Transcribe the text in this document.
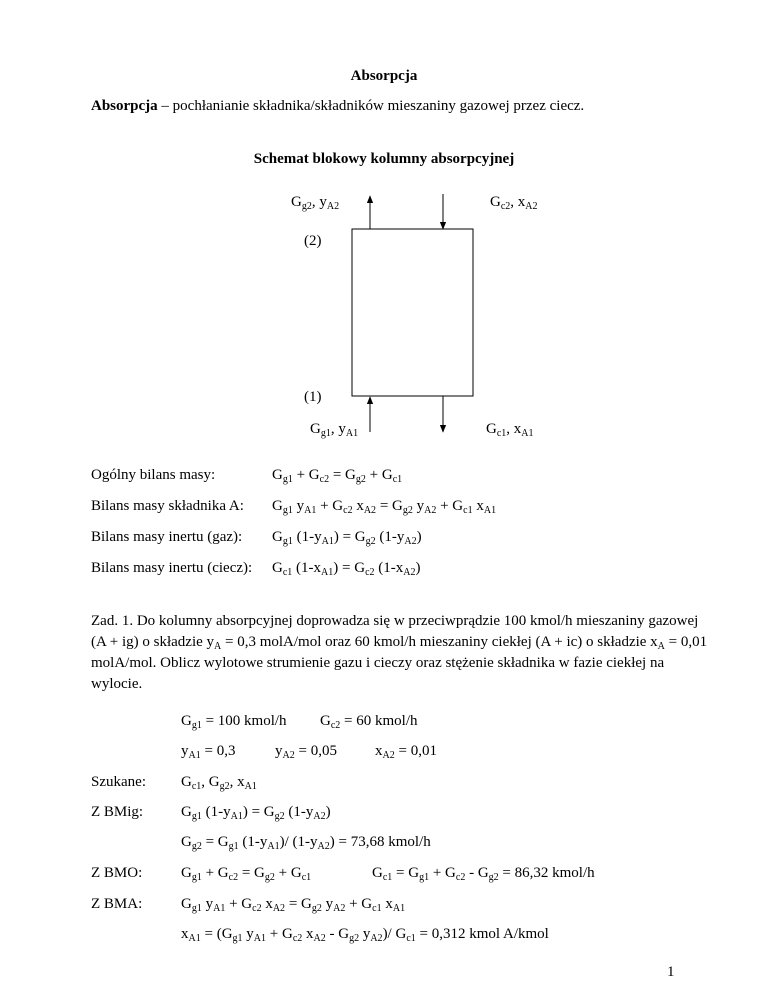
Absorpcja
Absorpcja – pochłanianie składnika/składników mieszaniny gazowej przez ciecz.
Schemat blokowy kolumny absorpcyjnej
$G_{g2}$, $y_{A2}$	$G_{c2}$, $x_{A2}$
(2)
(1)
$G_{g1}$, $y_{A1}$	$G_{c1}$, $x_{A1}$
Ogólny bilans masy:	$G_{g1} + G_{c2} = G_{g2} + G_{c1}$
Bilans masy składnika A: $G_{g1}$ $y_{A1} + G_{c2}$ $x_{A2} = G_{g2}$ $y_{A2} + G_{c1}$ $x_{A1}$
Bilans masy inertu (gaz): $G_{g1}$ $(1-y_{A1}) = G_{g2}$ $(1-y_{A2})$
Bilans masy inertu (ciecz): $G_{c1}$ $(1-x_{A1}) = G_{c2}$ $(1-x_{A2})$
Zad. 1. Do kolumny absorpcyjnej doprowadza się w przeciwprądzie 100 kmol/h mieszaniny gazowej
(A + ig) o składzie $y_A = 0,3$ molA/mol oraz 60 kmol/h mieszaniny ciekłej (A + ic) o składzie $x_A = 0,01$
molA/mol. Oblicz wylotowe strumienie gazu i cieczy oraz stężenie składnika w fazie ciekłej na
wylocie.
$G_{g1} = 100$ kmol/h $G_{c2} = 60$ kmol/h
$y_{A1} = 0,3$	$y_{A2} = 0,05$	$x_{A2} = 0,01$
Szukane: $G_{c1}$, $G_{g2}$, $x_{A1}$
Z BMig:	$G_{g1}$ $(1-y_{A1}) = G_{g2}$ $(1-y_{A2})$
$G_{g2} = G_{g1}$ $(1-y_{A1})/$ $(1-y_{A2}) = 73,68$ kmol/h
Z BMO:	$G_{g1} + G_{c2} = G_{g2} + G_{c1}$	$G_{c1} = G_{g1} + G_{c2} - G_{g2} = 86,32$ kmol/h
Z BMA:	$G_{g1}$ $y_{A1} + G_{c2}$ $x_{A2} = G_{g2}$ $y_{A2} + G_{c1}$ $x_{A1}$
$x_{A1} = (G_{g1}$ $y_{A1} + G_{c2}$ $x_{A2} - G_{g2}$ $y_{A2})/$ $G_{c1} = 0,312$ kmol A/kmol
1
